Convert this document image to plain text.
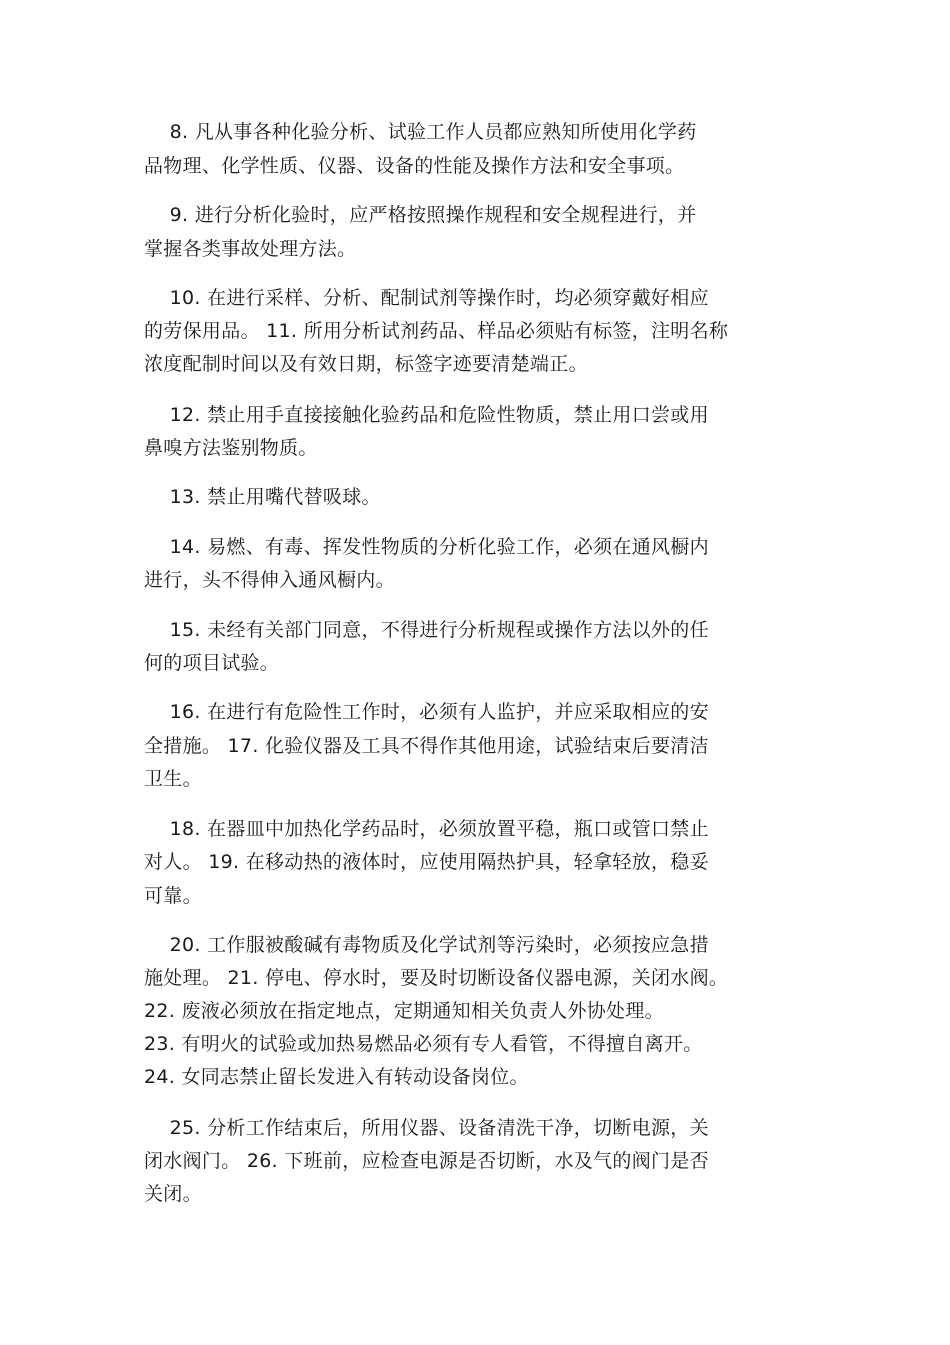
　 8. 凡从事各种化验分析、试验工作人员都应熟知所使用化学药
品物理、化学性质、仪器、设备的性能及操作方法和安全事项。
　 9. 进行分析化验时，应严格按照操作规程和安全规程进行，并
掌握各类事故处理方法。
　 10. 在进行采样、分析、配制试剂等操作时，均必须穿戴好相应
的劳保用品。 11. 所用分析试剂药品、样品必须贴有标签，注明名称
浓度配制时间以及有效日期，标签字迹要清楚端正。
　 12. 禁止用手直接接触化验药品和危险性物质，禁止用口尝或用
鼻嗅方法鉴别物质。
　 13. 禁止用嘴代替吸球。
　 14. 易燃、有毒、挥发性物质的分析化验工作，必须在通风橱内
进行，头不得伸入通风橱内。
　 15. 未经有关部门同意，不得进行分析规程或操作方法以外的任
何的项目试验。
　 16. 在进行有危险性工作时，必须有人监护，并应采取相应的安
全措施。 17. 化验仪器及工具不得作其他用途，试验结束后要清洁
卫生。
　 18. 在器皿中加热化学药品时，必须放置平稳，瓶口或管口禁止
对人。 19. 在移动热的液体时，应使用隔热护具，轻拿轻放，稳妥
可靠。
　 20. 工作服被酸碱有毒物质及化学试剂等污染时，必须按应急措
施处理。 21. 停电、停水时，要及时切断设备仪器电源，关闭水阀。
22. 废液必须放在指定地点，定期通知相关负责人外协处理。
23. 有明火的试验或加热易燃品必须有专人看管，不得擅自离开。
24. 女同志禁止留长发进入有转动设备岗位。
　 25. 分析工作结束后，所用仪器、设备清洗干净，切断电源，关
闭水阀门。 26. 下班前，应检查电源是否切断，水及气的阀门是否
关闭。
